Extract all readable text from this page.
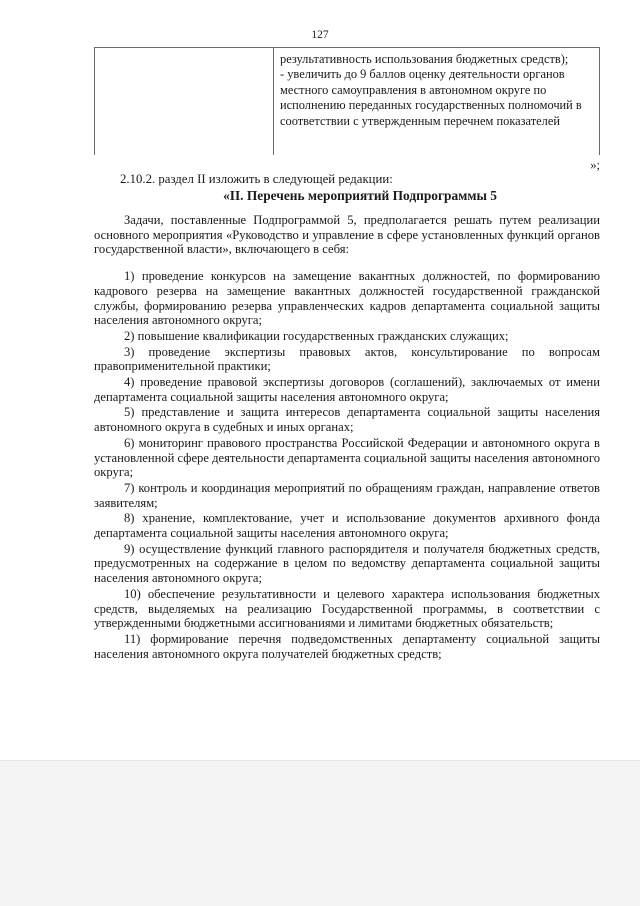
127
результативность использования бюджетных средств);
- увеличить до 9 баллов оценку деятельности органов местного самоуправления в автономном округе по исполнению переданных государственных полномочий в соответствии с утвержденным перечнем показателей
»;
2.10.2. раздел II изложить в следующей редакции:
«II. Перечень мероприятий Подпрограммы 5

Задачи, поставленные Подпрограммой 5, предполагается решать путем реализации основного мероприятия «Руководство и управление в сфере установленных функций органов государственной власти», включающего в себя:

1) проведение конкурсов на замещение вакантных должностей, по формированию кадрового резерва на замещение вакантных должностей государственной гражданской службы, формированию резерва управленческих кадров департамента социальной защиты населения автономного округа;

2) повышение квалификации государственных гражданских служащих;

3) проведение экспертизы правовых актов, консультирование по вопросам правоприменительной практики;

4) проведение правовой экспертизы договоров (соглашений), заключаемых от имени департамента социальной защиты населения автономного округа;

5) представление и защита интересов департамента социальной защиты населения автономного округа в судебных и иных органах;

6) мониторинг правового пространства Российской Федерации и автономного округа в установленной сфере деятельности департамента социальной защиты населения автономного округа;

7) контроль и координация мероприятий по обращениям граждан, направление ответов заявителям;

8) хранение, комплектование, учет и использование документов архивного фонда департамента социальной защиты населения автономного округа;

9) осуществление функций главного распорядителя и получателя бюджетных средств, предусмотренных на содержание в целом по ведомству департамента социальной защиты населения автономного округа;

10) обеспечение результативности и целевого характера использования бюджетных средств, выделяемых на реализацию Государственной программы, в соответствии с утвержденными бюджетными ассигнованиями и лимитами бюджетных обязательств;

11) формирование перечня подведомственных департаменту социальной защиты населения автономного округа получателей бюджетных средств;
